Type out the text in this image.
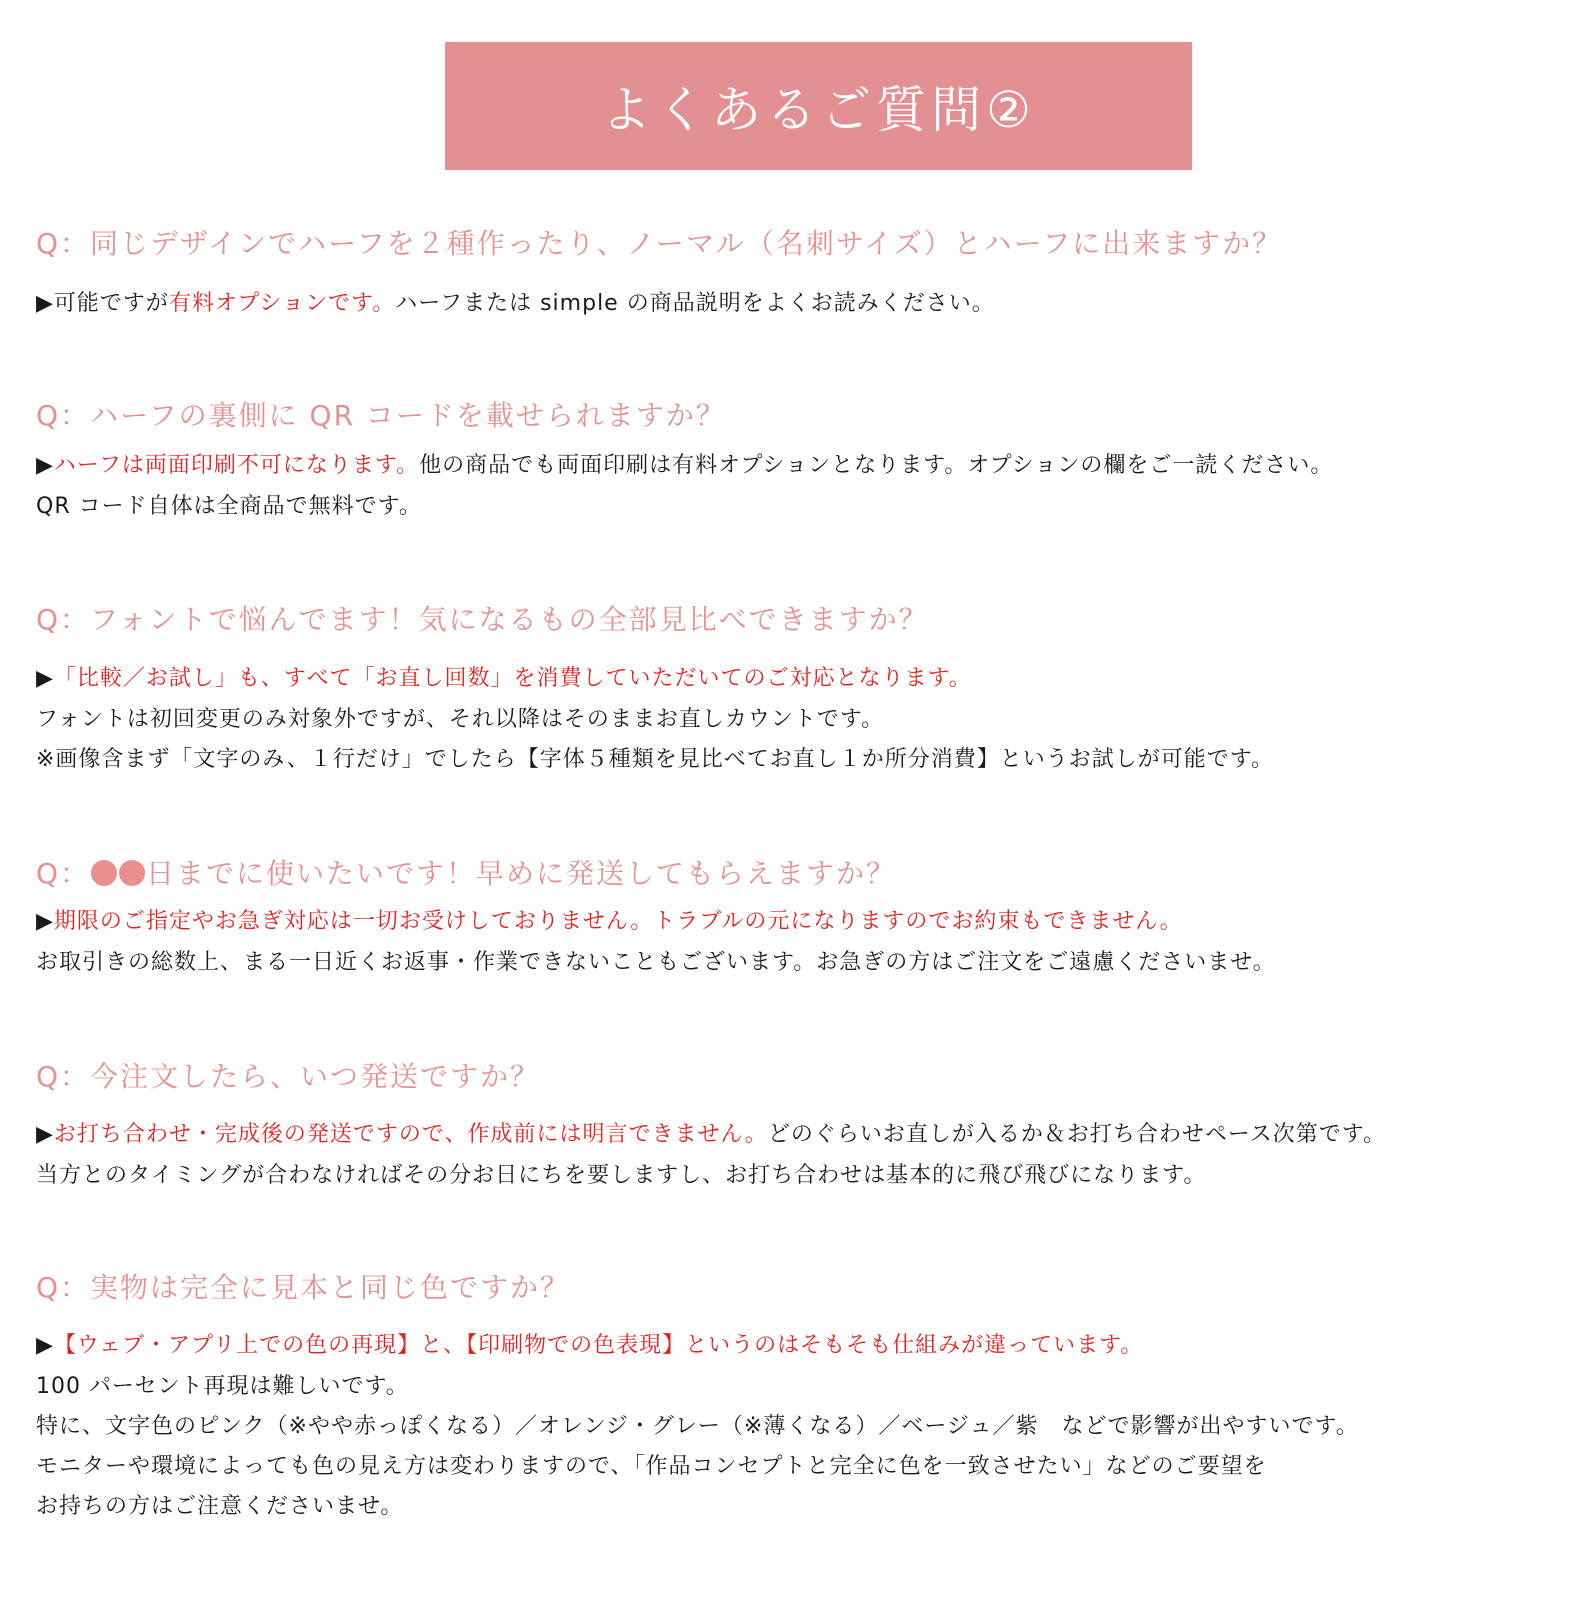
よくあるご質問②
Q：同じデザインでハーフを２種作ったり、ノーマル（名刺サイズ）とハーフに出来ますか？
▶可能ですが有料オプションです。ハーフまたは simple の商品説明をよくお読みください。
Q：ハーフの裏側に QR コードを載せられますか？
▶ハーフは両面印刷不可になります。他の商品でも両面印刷は有料オプションとなります。オプションの欄をご一読ください。
QR コード自体は全商品で無料です。
Q：フォントで悩んでます！気になるもの全部見比べできますか？
▶「比較／お試し」も、すべて「お直し回数」を消費していただいてのご対応となります。
フォントは初回変更のみ対象外ですが、それ以降はそのままお直しカウントです。
※画像含まず「文字のみ、１行だけ」でしたら【字体５種類を見比べてお直し１か所分消費】というお試しが可能です。
Q： 日までに使いたいです！早めに発送してもらえますか？
▶期限のご指定やお急ぎ対応は一切お受けしておりません。トラブルの元になりますのでお約束もできません。
お取引きの総数上、まる一日近くお返事・作業できないこともございます。お急ぎの方はご注文をご遠慮くださいませ。
Q：今注文したら、いつ発送ですか？
▶お打ち合わせ・完成後の発送ですので、作成前には明言できません。どのぐらいお直しが入るか＆お打ち合わせペース次第です。
当方とのタイミングが合わなければその分お日にちを要しますし、お打ち合わせは基本的に飛び飛びになります。
Q：実物は完全に見本と同じ色ですか？
▶【ウェブ・アプリ上での色の再現】と、【印刷物での色表現】というのはそもそも仕組みが違っています。
100 パーセント再現は難しいです。
特に、文字色のピンク（※やや赤っぽくなる）／オレンジ・グレー（※薄くなる）／ベージュ／紫　などで影響が出やすいです。
モニターや環境によっても色の見え方は変わりますので、「作品コンセプトと完全に色を一致させたい」などのご要望を
お持ちの方はご注意くださいませ。
